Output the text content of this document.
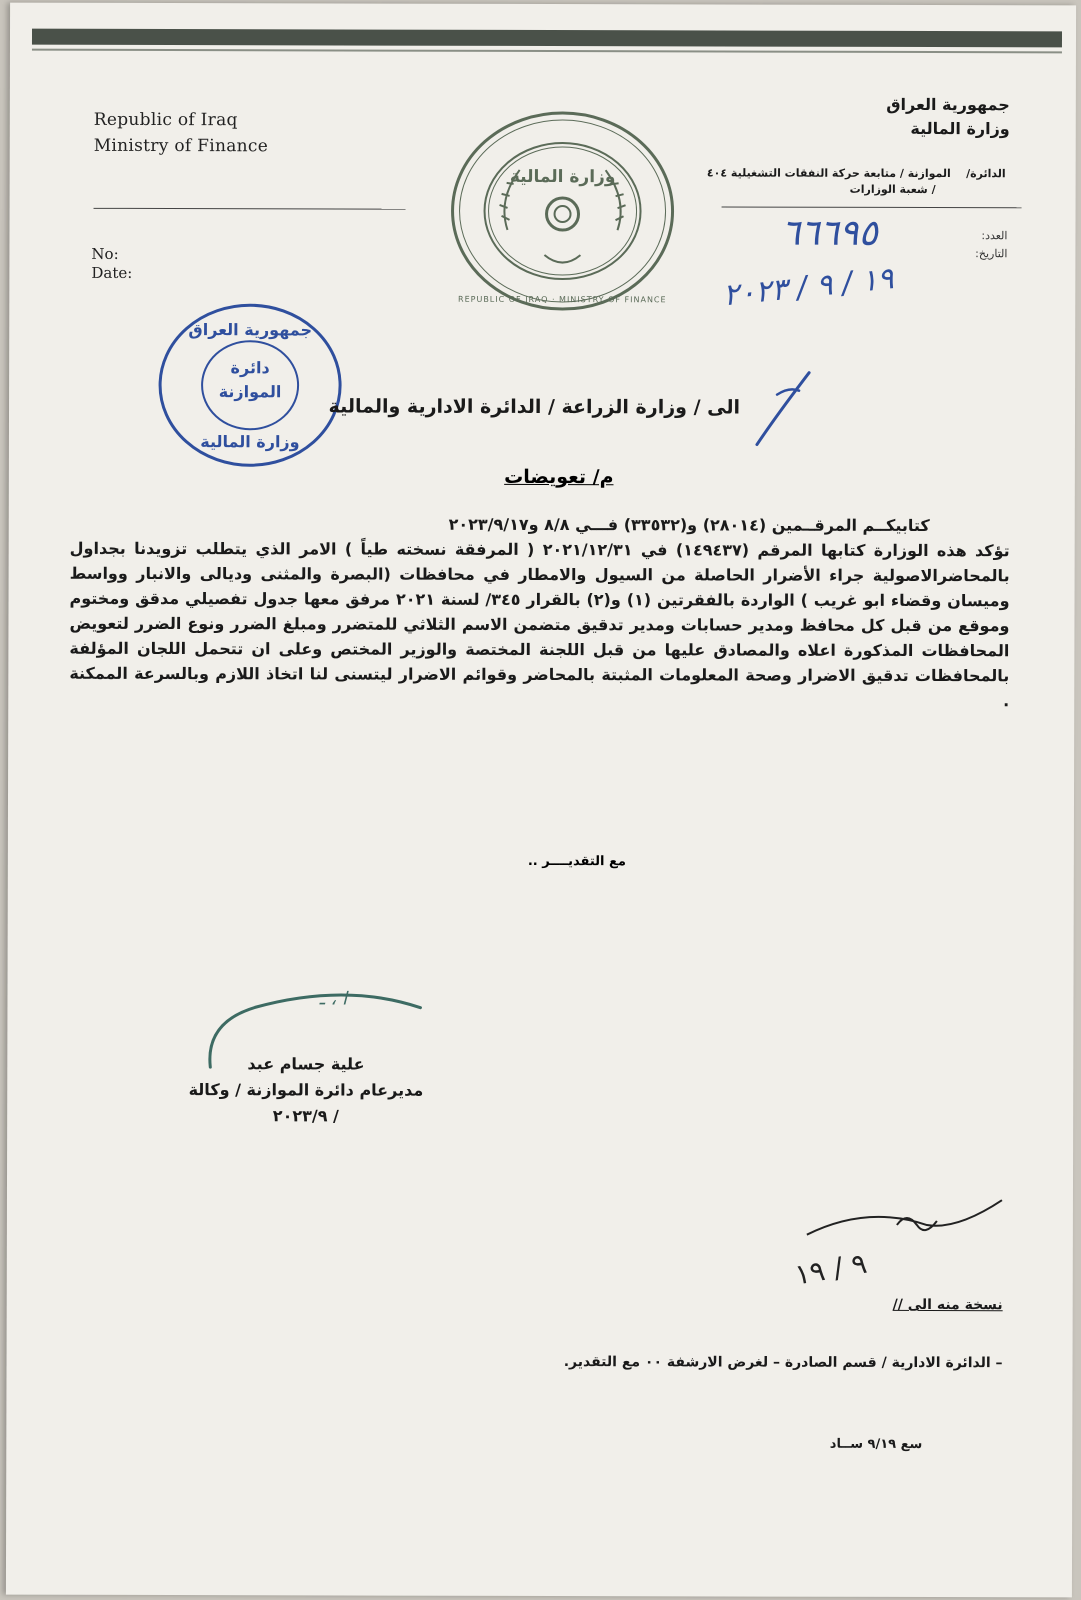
Republic of Iraq
Ministry of Finance
No:
Date:
جمهورية العراق
وزارة المالية
الدائرة/    الموازنة / متابعة حركة النفقات التشغيلية ٤٠٤
/ شعبة الوزارات
العدد:
التاريخ:
وزارة المالية
REPUBLIC OF IRAQ · MINISTRY OF FINANCE
٦٦٦٩٥
١٩ / ٩ / ٢٠٢٣
جمهورية العراق
دائرة
الموازنة
وزارة المالية
الى / وزارة الزراعة / الدائرة الادارية والمالية
م/ تعويضات

كتابيكــم المرقــمين (٢٨٠١٤) و(٣٣٥٣٢) فـــي ٨/٨ و٢٠٢٣/٩/١٧

تؤكد هذه الوزارة كتابها المرقم (١٤٩٤٣٧) في ٢٠٢١/١٢/٣١ ( المرفقة نسخته طياً ) الامر الذي يتطلب تزويدنا بجداول بالمحاضرالاصولية جراء الأضرار الحاصلة من السيول والامطار في محافظات (البصرة والمثنى وديالى والانبار وواسط وميسان وقضاء ابو غريب ) الواردة بالفقرتين (١) و(٢) بالقرار ٣٤٥/ لسنة ٢٠٢١ مرفق معها جدول تفصيلي مدقق ومختوم وموقع من قبل كل محافظ ومدير حسابات ومدير تدقيق متضمن الاسم الثلاثي للمتضرر ومبلغ الضرر ونوع الضرر لتعويض المحافظات المذكورة اعلاه والمصادق عليها من قبل اللجنة المختصة والوزير المختص وعلى ان تتحمل اللجان المؤلفة بالمحافظات تدقيق الاضرار وصحة المعلومات المثبتة بالمحاضر وقوائم الاضرار ليتسنى لنا اتخاذ اللازم وبالسرعة الممكنة .

مع التقديــــر ..
ا ، ـ
علية جسام عبد
مديرعام دائرة الموازنة / وكالة
/ ٢٠٢٣/٩
٩ / ١٩
نسخة منه الى //
– الدائرة الادارية / قسم الصادرة – لغرض الارشفة ٠٠ مع التقدير.
سع ٩/١٩ ســاد
